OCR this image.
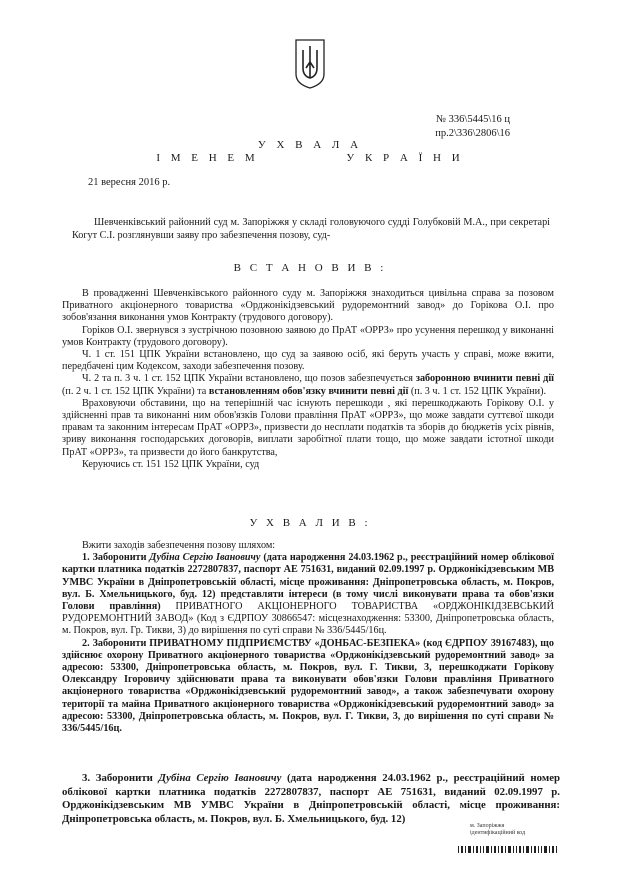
№ 336\5445\16 ц
пр.2\336\2806\16
У Х В А Л А
І М Е Н Е М             У К Р А Ї Н И
21 вересня 2016 р.

Шевченківський районний суд м. Запоріжжя у складі головуючого судді Голубковій М.А., при секретарі Когут С.І. розглянувши заяву про забезпечення позову, суд-

В С Т А Н О В И В :

В провадженні Шевченківського районного суду м. Запоріжжя знаходиться цивільна справа за позовом Приватного акціонерного товариства «Орджонікідзевський рудоремонтний завод» до Горікова О.І. про зобов'язання виконання умов Контракту (трудового договору).

Горіков О.І. звернувся з зустрічною позовною заявою до ПрАТ «ОРРЗ» про усунення перешкод у виконанні умов Контракту (трудового договору).

Ч. 1 ст. 151 ЦПК України встановлено, що суд за заявою осіб, які беруть участь у справі, може вжити, передбачені цим Кодексом, заходи забезпечення позову.

Ч. 2 та п. 3 ч. 1 ст. 152 ЦПК України встановлено, що позов забезпечується заборонною вчинити певні дії (п. 2 ч. 1 ст. 152 ЦПК України) та встановленням обов'язку вчинити певні дії (п. 3 ч. 1 ст. 152 ЦПК України).

Враховуючи обставини, що на теперішній час існують перешкоди , які перешкоджають Горікову О.І. у здійсненні прав та виконанні ним обов'язків Голови правління ПрАТ «ОРРЗ», що може завдати суттєвої шкоди правам та законним інтересам ПрАТ «ОРРЗ», призвести до несплати податків та зборів до бюджетів усіх рівнів, зриву виконання господарських договорів, виплати заробітної плати тощо, що може завдати істотної шкоди ПрАТ «ОРРЗ», та призвести до його банкрутства,

Керуючись ст. 151 152 ЦПК України, суд

У Х В А Л И В :

Вжити заходів забезпечення позову шляхом:

1. Заборонити Дубіна Сергію Івановичу (дата народження 24.03.1962 р., реєстраційний номер облікової картки платника податків 2272807837, паспорт АЕ 751631, виданий 02.09.1997 р. Орджонікідзевським МВ УМВС України в Дніпропетровській області, місце проживання: Дніпропетровська область, м. Покров, вул. Б. Хмельницького, буд. 12) представляти інтереси (в тому числі виконувати права та обов'язки Голови правління) ПРИВАТНОГО АКЦІОНЕРНОГО ТОВАРИСТВА «ОРДЖОНІКІДЗЕВСЬКИЙ РУДОРЕМОНТНИЙ ЗАВОД» (Код з ЄДРПОУ 30866547: місцезнаходження: 53300, Дніпропетровська область, м. Покров, вул. Гр. Тикви, 3) до вирішення по суті справи № 336/5445/16ц.

2. Заборонити ПРИВАТНОМУ ПІДПРИЄМСТВУ «ДОНБАС-БЕЗПЕКА» (код ЄДРПОУ 39167483), що здійснює охорону Приватного акціонерного товариства «Орджонікідзевський рудоремонтний завод» за адресою: 53300, Дніпропетровська область, м. Покров, вул. Г. Тикви, 3, перешкоджати Горікову Олександру Ігоровичу здійснювати права та виконувати обов'язки Голови правління Приватного акціонерного товариства «Орджонікідзевський рудоремонтний завод», а також забезпечувати охорону території та майна Приватного акціонерного товариства «Орджонікідзевський рудоремонтний завод» за адресою: 53300, Дніпропетровська область, м. Покров, вул. Г. Тикви, 3, до вирішення по суті справи № 336/5445/16ц.

3. Заборонити Дубіна Сергію Івановичу (дата народження 24.03.1962 р., реєстраційний номер облікової картки платника податків 2272807837, паспорт АЕ 751631, виданий 02.09.1997 р. Орджонікідзевським МВ УМВС України в Дніпропетровській області, місце проживання: Дніпропетровська область, м. Покров, вул. Б. Хмельницького, буд. 12)

м. Запоріжжя
ідентифікаційний код
